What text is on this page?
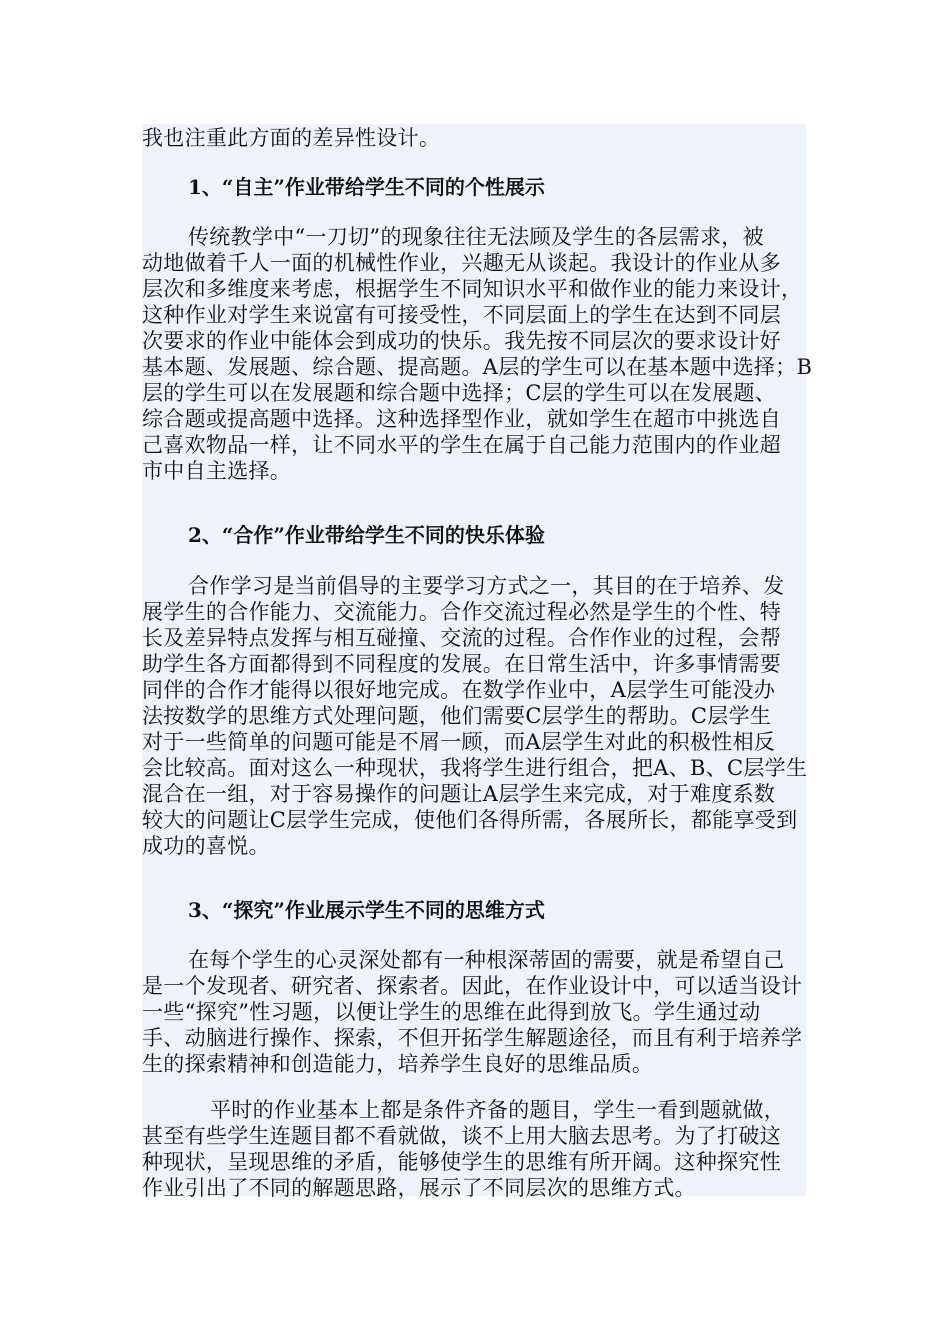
我也注重此方面的差异性设计。
1、“自主”作业带给学生不同的个性展示
传统教学中“一刀切”的现象往往无法顾及学生的各层需求，被
动地做着千人一面的机械性作业，兴趣无从谈起。我设计的作业从多
层次和多维度来考虑，根据学生不同知识水平和做作业的能力来设计，
这种作业对学生来说富有可接受性，不同层面上的学生在达到不同层
次要求的作业中能体会到成功的快乐。我先按不同层次的要求设计好
基本题、发展题、综合题、提高题。A层的学生可以在基本题中选择；B
层的学生可以在发展题和综合题中选择；C层的学生可以在发展题、
综合题或提高题中选择。这种选择型作业，就如学生在超市中挑选自
己喜欢物品一样，让不同水平的学生在属于自己能力范围内的作业超
市中自主选择。
2、“合作”作业带给学生不同的快乐体验
合作学习是当前倡导的主要学习方式之一，其目的在于培养、发
展学生的合作能力、交流能力。合作交流过程必然是学生的个性、特
长及差异特点发挥与相互碰撞、交流的过程。合作作业的过程，会帮
助学生各方面都得到不同程度的发展。在日常生活中，许多事情需要
同伴的合作才能得以很好地完成。在数学作业中，A层学生可能没办
法按数学的思维方式处理问题，他们需要C层学生的帮助。C层学生
对于一些简单的问题可能是不屑一顾，而A层学生对此的积极性相反
会比较高。面对这么一种现状，我将学生进行组合，把A、B、C层学生
混合在一组，对于容易操作的问题让A层学生来完成，对于难度系数
较大的问题让C层学生完成，使他们各得所需，各展所长，都能享受到
成功的喜悦。
3、“探究”作业展示学生不同的思维方式
在每个学生的心灵深处都有一种根深蒂固的需要，就是希望自己
是一个发现者、研究者、探索者。因此，在作业设计中，可以适当设计
一些“探究”性习题，以便让学生的思维在此得到放飞。学生通过动
手、动脑进行操作、探索，不但开拓学生解题途径，而且有利于培养学
生的探索精神和创造能力，培养学生良好的思维品质。
平时的作业基本上都是条件齐备的题目，学生一看到题就做，
甚至有些学生连题目都不看就做，谈不上用大脑去思考。为了打破这
种现状，呈现思维的矛盾，能够使学生的思维有所开阔。这种探究性
作业引出了不同的解题思路，展示了不同层次的思维方式。
